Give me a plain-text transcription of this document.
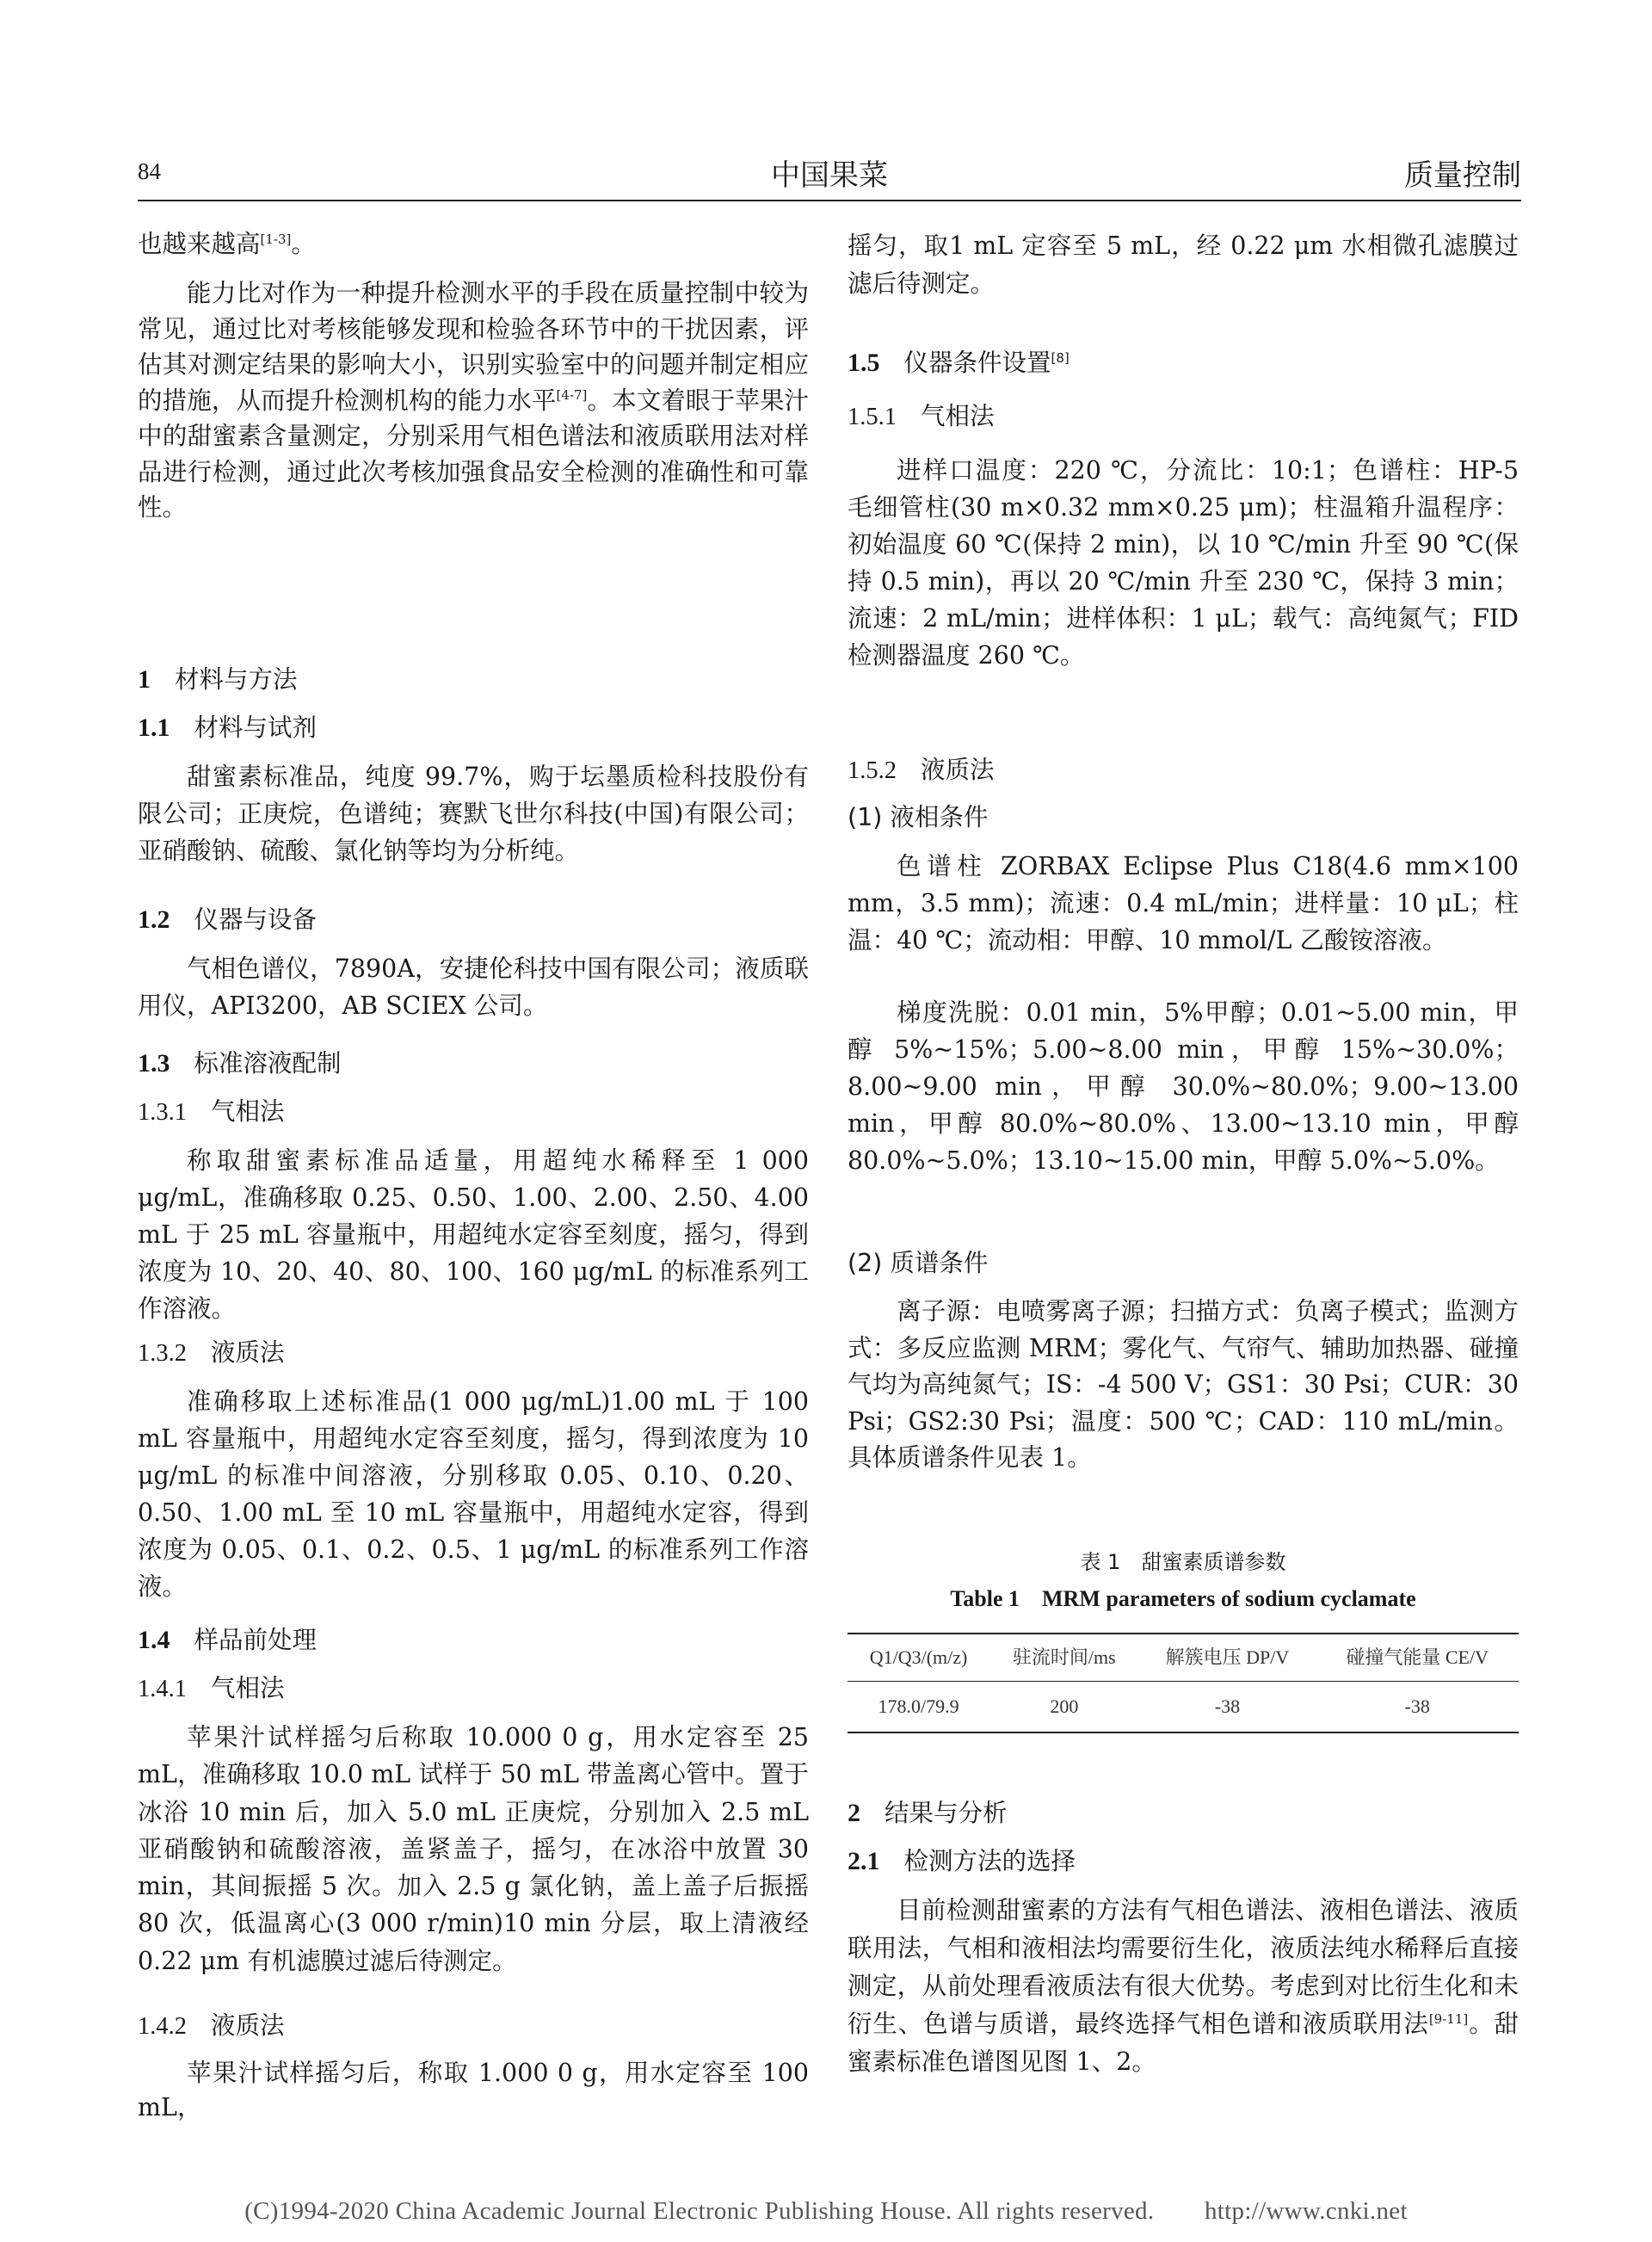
84	中国果菜	质量控制

也越来越高[1-3]。

能力比对作为一种提升检测水平的手段在质量控制中较为常见，通过比对考核能够发现和检验各环节中的干扰因素，评估其对测定结果的影响大小，识别实验室中的问题并制定相应的措施，从而提升检测机构的能力水平[4-7]。本文着眼于苹果汁中的甜蜜素含量测定，分别采用气相色谱法和液质联用法对样品进行检测，通过此次考核加强食品安全检测的准确性和可靠性。

1 材料与方法

1.1 材料与试剂

甜蜜素标准品，纯度 99.7%，购于坛墨质检科技股份有限公司；正庚烷，色谱纯；赛默飞世尔科技(中国)有限公司；亚硝酸钠、硫酸、氯化钠等均为分析纯。

1.2 仪器与设备

气相色谱仪，7890A，安捷伦科技中国有限公司；液质联用仪，API3200，AB SCIEX 公司。

1.3 标准溶液配制

1.3.1 气相法

称取甜蜜素标准品适量，用超纯水稀释至 1 000 μg/mL，准确移取 0.25、0.50、1.00、2.00、2.50、4.00 mL 于 25 mL 容量瓶中，用超纯水定容至刻度，摇匀，得到浓度为 10、20、40、80、100、160 μg/mL 的标准系列工作溶液。

1.3.2 液质法

准确移取上述标准品(1 000 μg/mL)1.00 mL 于 100 mL 容量瓶中，用超纯水定容至刻度，摇匀，得到浓度为 10 μg/mL 的标准中间溶液，分别移取 0.05、0.10、0.20、0.50、1.00 mL 至 10 mL 容量瓶中，用超纯水定容，得到浓度为 0.05、0.1、0.2、0.5、1 μg/mL 的标准系列工作溶液。

1.4 样品前处理

1.4.1 气相法

苹果汁试样摇匀后称取 10.000 0 g，用水定容至 25 mL，准确移取 10.0 mL 试样于 50 mL 带盖离心管中。置于冰浴 10 min 后，加入 5.0 mL 正庚烷，分别加入 2.5 mL 亚硝酸钠和硫酸溶液，盖紧盖子，摇匀，在冰浴中放置 30 min，其间振摇 5 次。加入 2.5 g 氯化钠，盖上盖子后振摇 80 次，低温离心(3 000 r/min)10 min 分层，取上清液经 0.22 μm 有机滤膜过滤后待测定。

1.4.2 液质法

苹果汁试样摇匀后，称取 1.000 0 g，用水定容至 100 mL，

摇匀，取1 mL 定容至 5 mL，经 0.22 μm 水相微孔滤膜过滤后待测定。

1.5 仪器条件设置[8]

1.5.1 气相法

进样口温度：220 ℃，分流比：10:1；色谱柱：HP-5 毛细管柱(30 m×0.32 mm×0.25 μm)；柱温箱升温程序：初始温度 60 ℃(保持 2 min)，以 10 ℃/min 升至 90 ℃(保持 0.5 min)，再以 20 ℃/min 升至 230 ℃，保持 3 min；流速：2 mL/min；进样体积：1 μL；载气：高纯氮气；FID 检测器温度 260 ℃。

1.5.2 液质法

(1) 液相条件

色谱柱 ZORBAX Eclipse Plus C18(4.6 mm×100 mm，3.5 mm)；流速：0.4 mL/min；进样量：10 μL；柱温：40 ℃；流动相：甲醇、10 mmol/L 乙酸铵溶液。

梯度洗脱：0.01 min，5%甲醇；0.01~5.00 min，甲醇 5%~15%；5.00~8.00 min，甲醇 15%~30.0%；8.00~9.00 min，甲醇 30.0%~80.0%；9.00~13.00 min，甲醇 80.0%~80.0%、13.00~13.10 min，甲醇 80.0%~5.0%；13.10~15.00 min，甲醇 5.0%~5.0%。

(2) 质谱条件

离子源：电喷雾离子源；扫描方式：负离子模式；监测方式：多反应监测 MRM；雾化气、气帘气、辅助加热器、碰撞气均为高纯氮气；IS：-4 500 V；GS1：30 Psi；CUR：30 Psi；GS2:30 Psi；温度：500 ℃；CAD：110 mL/min。具体质谱条件见表 1。

表 1　甜蜜素质谱参数

Table 1　MRM parameters of sodium cyclamate

Q1/Q3/(m/z)	驻流时间/ms	解簇电压 DP/V	碰撞气能量 CE/V
178.0/79.9	200	-38	-38

2 结果与分析

2.1 检测方法的选择

目前检测甜蜜素的方法有气相色谱法、液相色谱法、液质联用法，气相和液相法均需要衍生化，液质法纯水稀释后直接测定，从前处理看液质法有很大优势。考虑到对比衍生化和未衍生、色谱与质谱，最终选择气相色谱和液质联用法[9-11]。甜蜜素标准色谱图见图 1、2。

(C)1994-2020 China Academic Journal Electronic Publishing House. All rights reserved.　　http://www.cnki.net
